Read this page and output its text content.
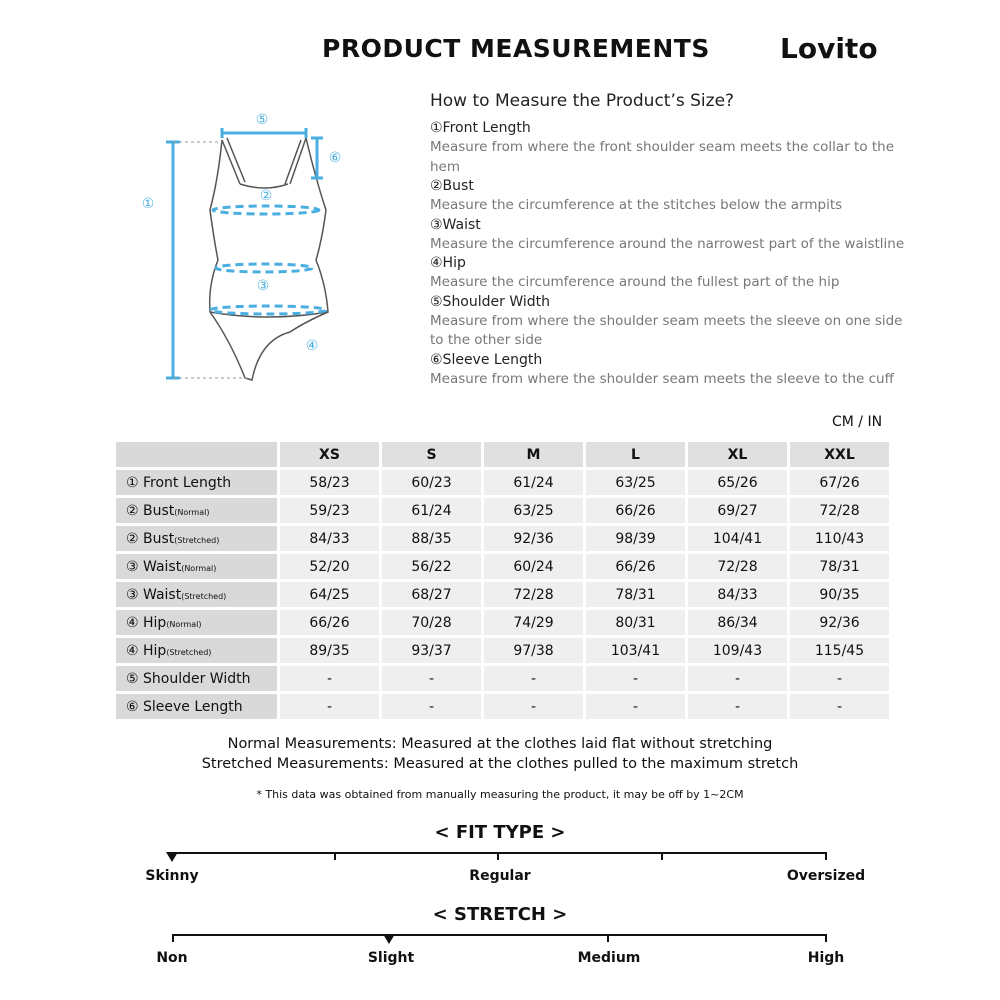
PRODUCT MEASUREMENTS	Lovito
⑤
⑥
①	②
③
④
How to Measure the Product’s Size?
①Front Length
Measure from where the front shoulder seam meets the collar to the hem
②Bust
Measure the circumference at the stitches below the armpits
③Waist
Measure the circumference around the narrowest part of the waistline
④Hip
Measure the circumference around the fullest part of the hip
⑤Shoulder Width
Measure from where the shoulder seam meets the sleeve on one side to the other side
⑥Sleeve Length
Measure from where the shoulder seam meets the sleeve to the cuff
CM / IN
	XS	S	M	L	XL	XXL
① Front Length	58/23	60/23	61/24	63/25	65/26	67/26
② Bust(Normal)	59/23	61/24	63/25	66/26	69/27	72/28
② Bust(Stretched)	84/33	88/35	92/36	98/39	104/41	110/43
③ Waist(Normal)	52/20	56/22	60/24	66/26	72/28	78/31
③ Waist(Stretched)	64/25	68/27	72/28	78/31	84/33	90/35
④ Hip(Normal)	66/26	70/28	74/29	80/31	86/34	92/36
④ Hip(Stretched)	89/35	93/37	97/38	103/41	109/43	115/45
⑤ Shoulder Width	-	-	-	-	-	-
⑥ Sleeve Length	-	-	-	-	-	-
Normal Measurements: Measured at the clothes laid flat without stretching
Stretched Measurements: Measured at the clothes pulled to the maximum stretch
* This data was obtained from manually measuring the product, it may be off by 1~2CM
< FIT TYPE >
Skinny	Regular	Oversized
< STRETCH >
Non	Slight	Medium	High
